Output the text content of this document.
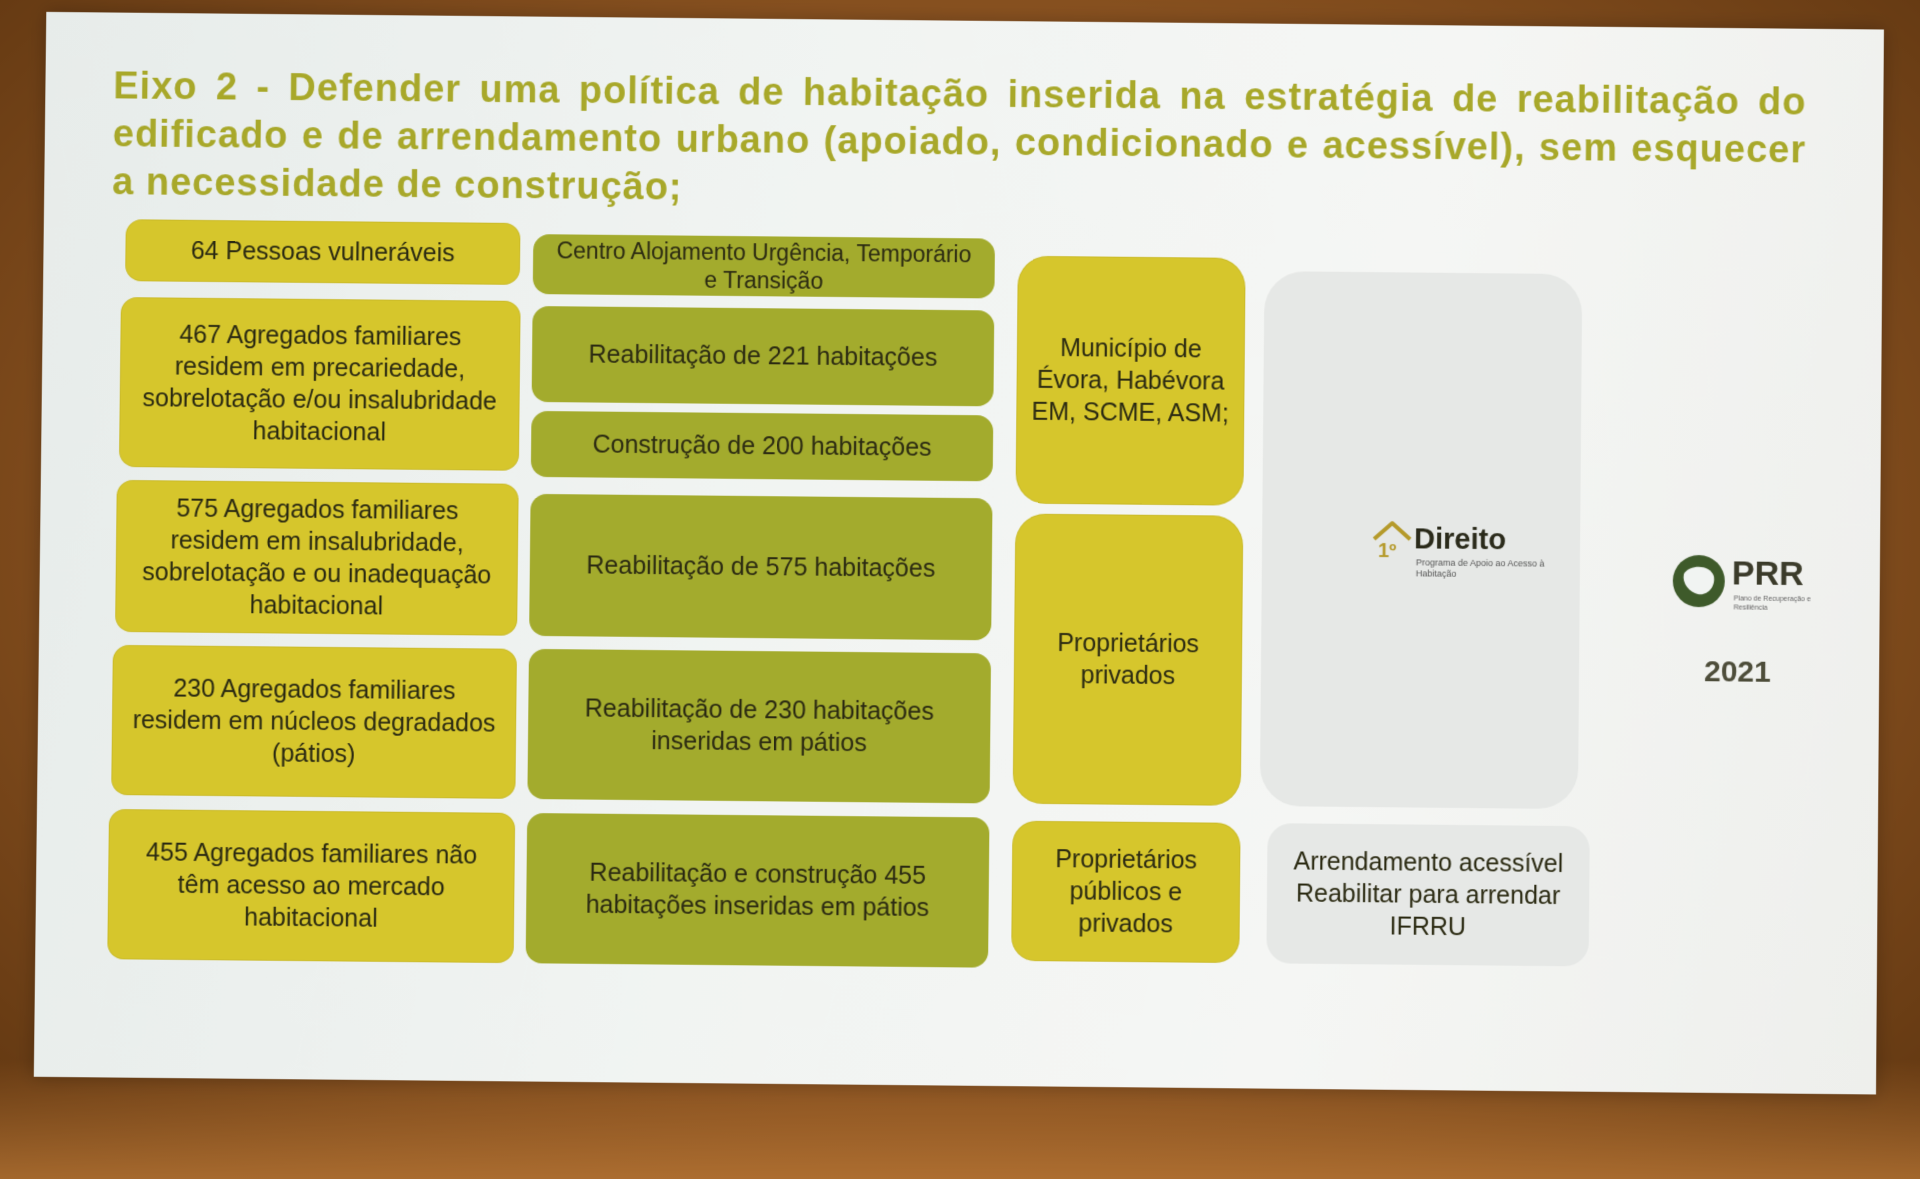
Eixo 2 - Defender uma política de habitação inserida na estratégia de reabilitação do edificado e de arrendamento urbano (apoiado, condicionado e acessível), sem esquecer a necessidade de construção;
64 Pessoas vulneráveis
467 Agregados familiares residem em precariedade, sobrelotação e/ou insalubridade habitacional
575 Agregados familiares residem em insalubridade, sobrelotação e ou inadequação habitacional
230 Agregados familiares residem em núcleos degradados (pátios)
455 Agregados familiares não têm acesso ao mercado habitacional
Centro Alojamento Urgência, Temporário e Transição
Reabilitação de 221 habitações
Construção de 200 habitações
Reabilitação de 575 habitações
Reabilitação de 230 habitações inseridas em pátios
Reabilitação e construção 455 habitações inseridas em pátios
Município de Évora, Habévora EM, SCME, ASM;
Proprietários privados
Proprietários públicos e privados
1º Direito
Programa de Apoio ao Acesso à Habitação	PRR
Plano de Recuperação e Resiliência
2021
Arrendamento acessível
Reabilitar para arrendar
IFRRU
